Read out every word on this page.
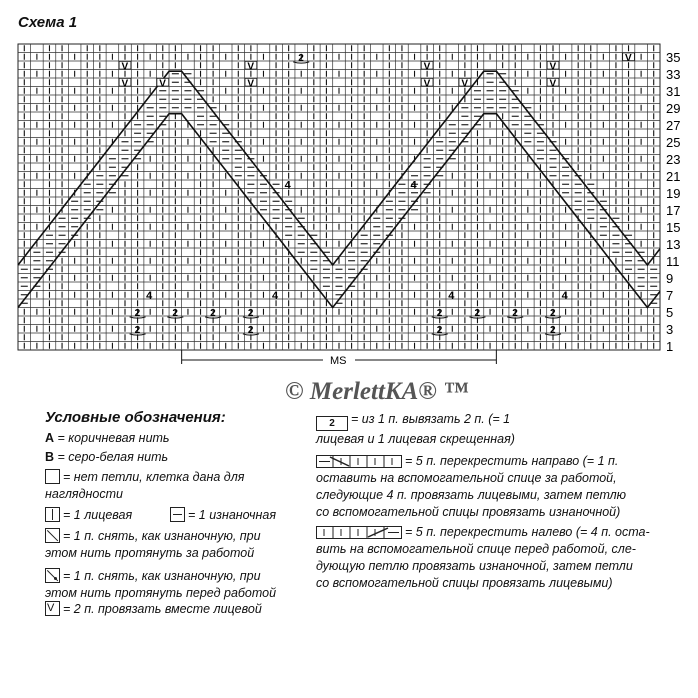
Схема 1
35
33
31
29
27
25
23
21
19
17
15
13
11
9
7
5
3
1
4	4	4	4
4	4
2	2	2	2
2	2
2	2	2	2
2	2
2
V
V	V
V
V
V
V	V
V
V
V
MS
© MerlettKA® ™
Условные обозначения:
A = коричневая нить
B = серо-белая нить
= нет петли, клетка дана для
наглядности
= 1 лицевая	= 1 изнаночная
= 1 п. снять, как изнаночную, при
этом нить протянуть за работой
= 1 п. снять, как изнаночную, при
этом нить протянуть перед работой
V = 2 п. провязать вместе лицевой
2 = из 1 п. вывязать 2 п. (= 1
лицевая и 1 лицевая скрещенная)
= 5 п. перекрестить направо (= 1 п.
оставить на вспомогательной спице за работой,
следующие 4 п. провязать лицевыми, затем петлю
со вспомогательной спицы провязать изнаночной)
= 5 п. перекрестить налево (= 4 п. оста-
вить на вспомогательной спице перед работой, сле-
дующую петлю провязать изнаночной, затем петли
со вспомогательной спицы провязать лицевыми)
